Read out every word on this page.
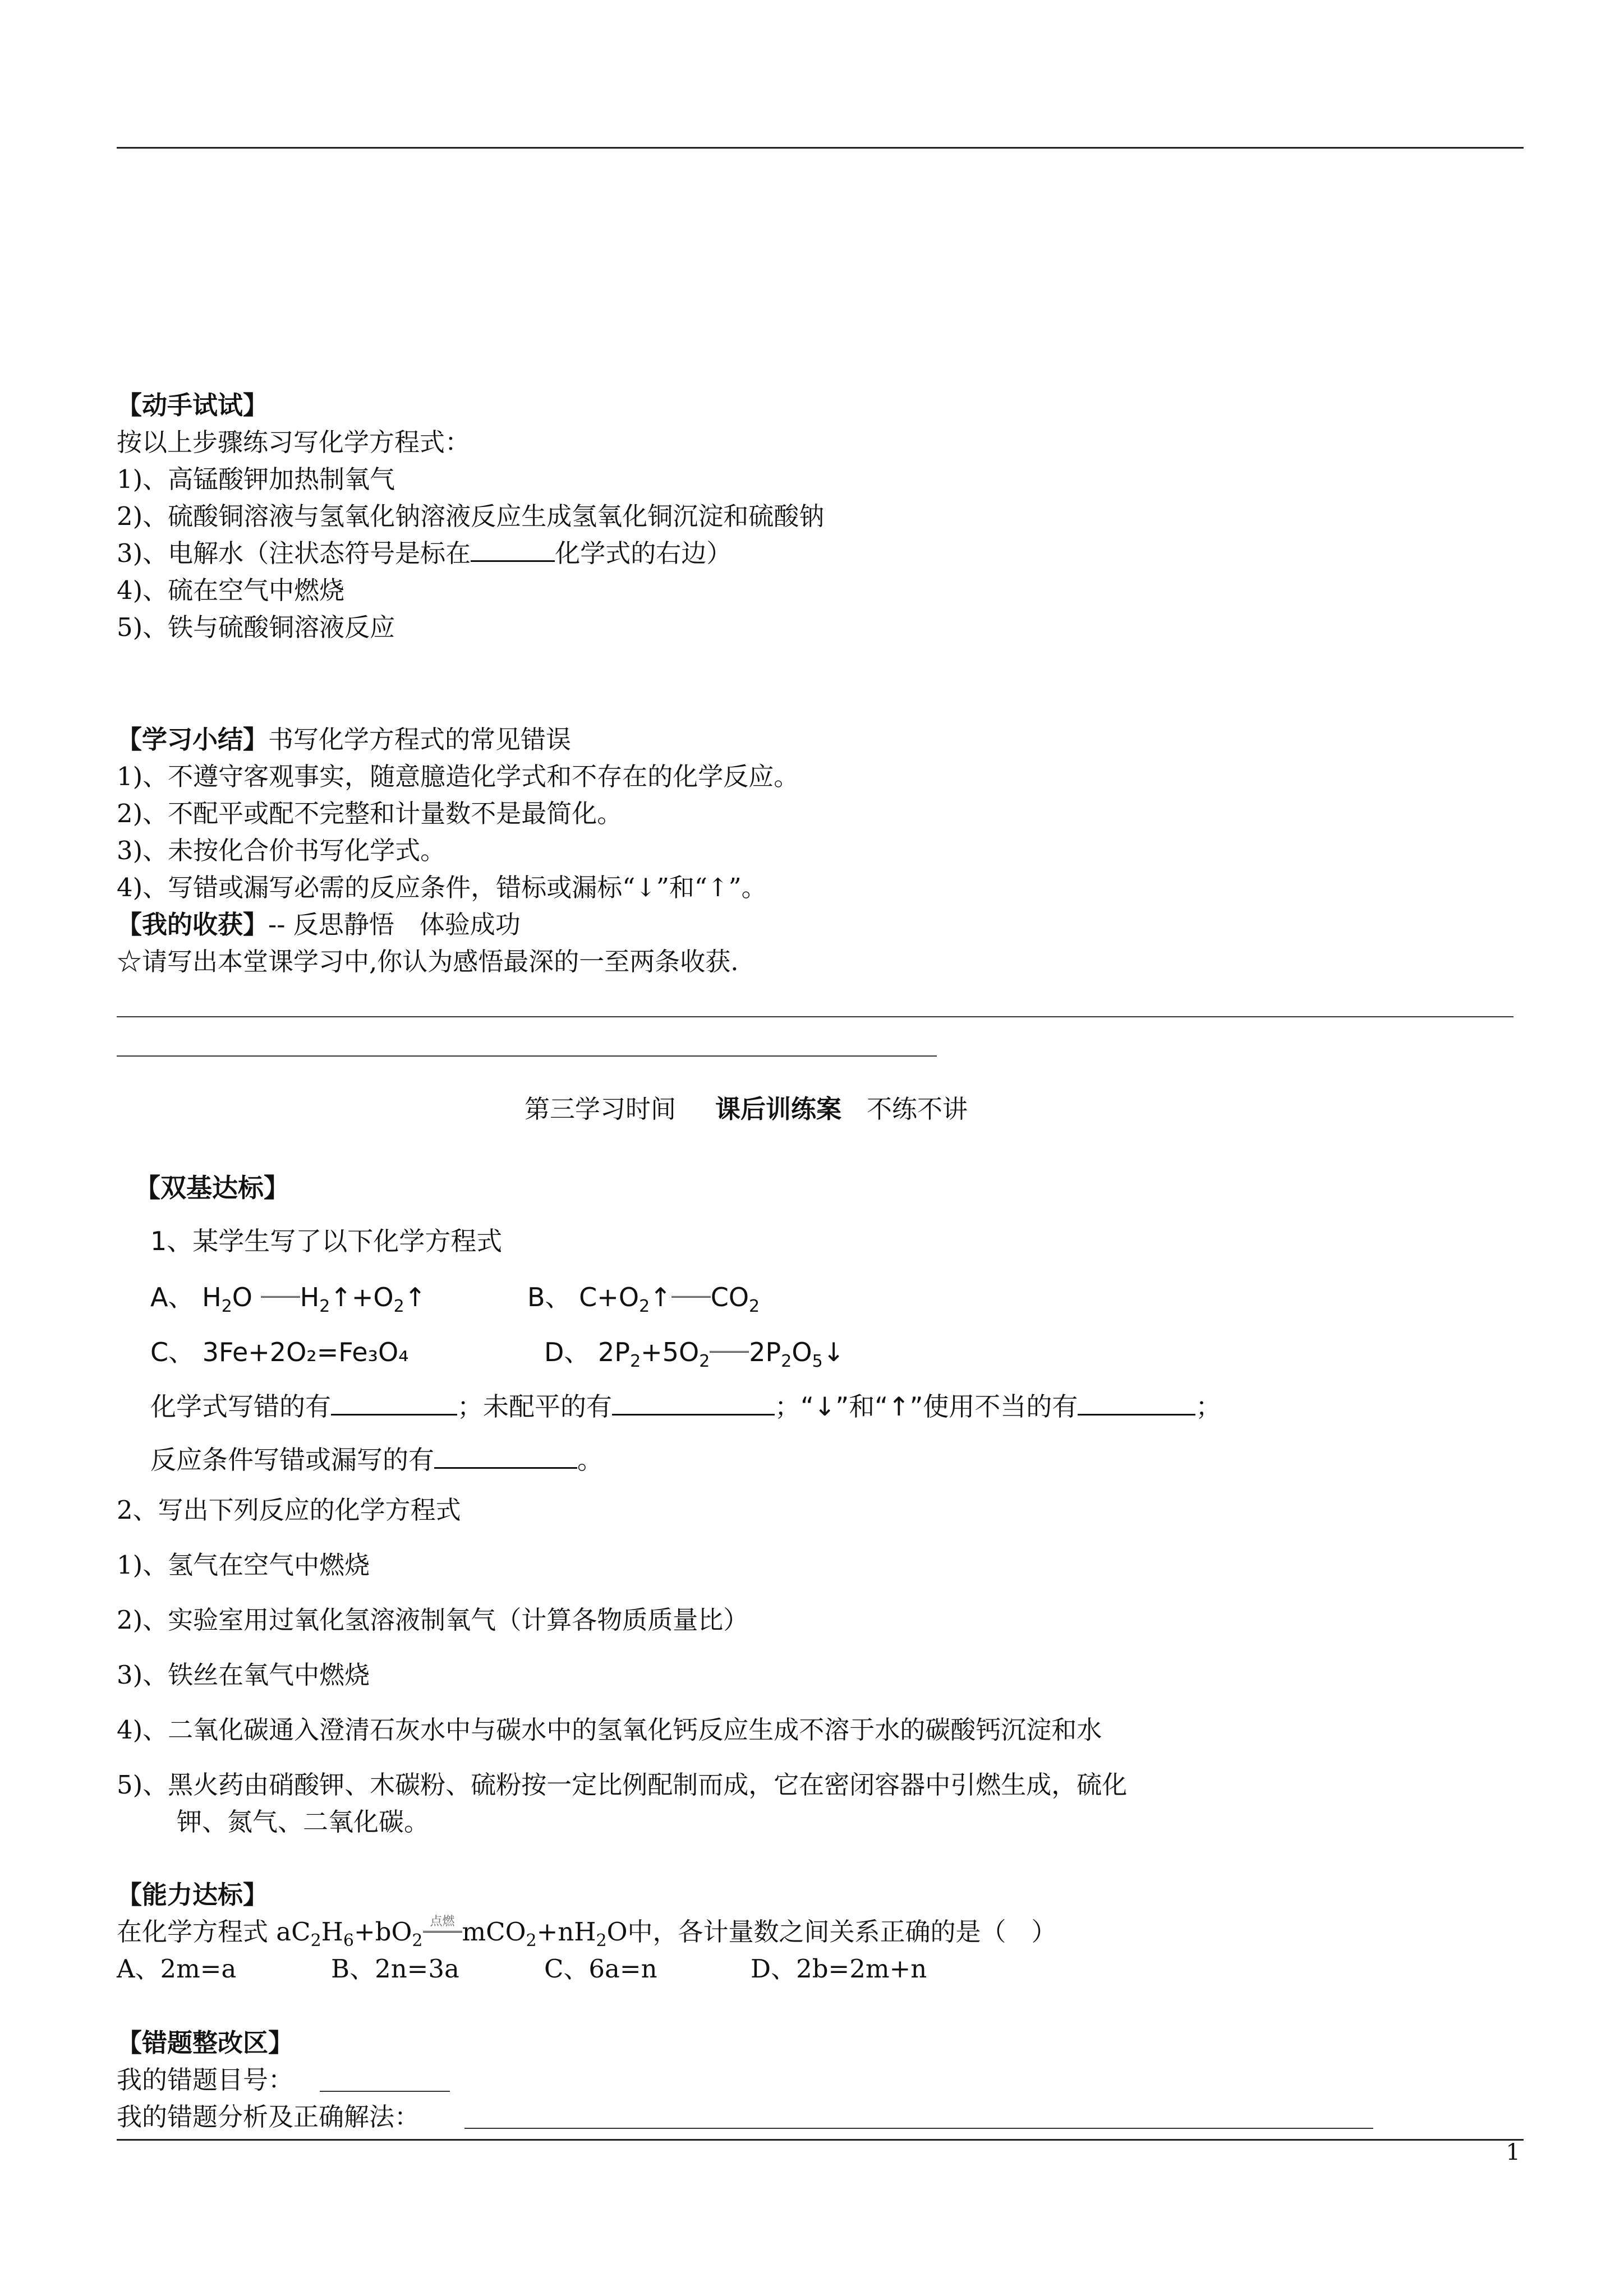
【动手试试】
按以上步骤练习写化学方程式：
1)、高锰酸钾加热制氧气
2)、硫酸铜溶液与氢氧化钠溶液反应生成氢氧化铜沉淀和硫酸钠
3)、电解水（注状态符号是标在	化学式的右边）
4)、硫在空气中燃烧
5)、铁与硫酸铜溶液反应
【学习小结】书写化学方程式的常见错误
1)、不遵守客观事实，随意臆造化学式和不存在的化学反应。
2)、不配平或配不完整和计量数不是最简化。
3)、未按化合价书写化学式。
4)、写错或漏写必需的反应条件，错标或漏标“↓”和“↑”。
【我的收获】-- 反思静悟　体验成功
☆请写出本堂课学习中,你认为感悟最深的一至两条收获.
第三学习时间 课后训练案 不练不讲
【双基达标】
1、某学生写了以下化学方程式
A、 $H_2O$ $H_2↑+O_2↑$	B、 $C+O_2↑$ $CO_2$
C、 3Fe+2O₂=Fe₃O₄	D、 $2P_2+5O_2$ $2P_2O_5↓$
化学式写错的有	；未配平的有	；“↓”和“↑”使用不当的有	；
反应条件写错或漏写的有	。
2、写出下列反应的化学方程式
1)、氢气在空气中燃烧
2)、实验室用过氧化氢溶液制氧气（计算各物质质量比）
3)、铁丝在氧气中燃烧
4)、二氧化碳通入澄清石灰水中与碳水中的氢氧化钙反应生成不溶于水的碳酸钙沉淀和水
5)、黑火药由硝酸钾、木碳粉、硫粉按一定比例配制而成，它在密闭容器中引燃生成，硫化
钾、氮气、二氧化碳。
【能力达标】
在化学方程式 $aC_2H_6+bO_2$
点燃 $mCO_2+nH_2O$中，各计量数之间关系正确的是（　）
A、2m=a	B、2n=3a	C、6a=n	D、2b=2m+n
【错题整改区】
我的错题目号：
我的错题分析及正确解法：
1
